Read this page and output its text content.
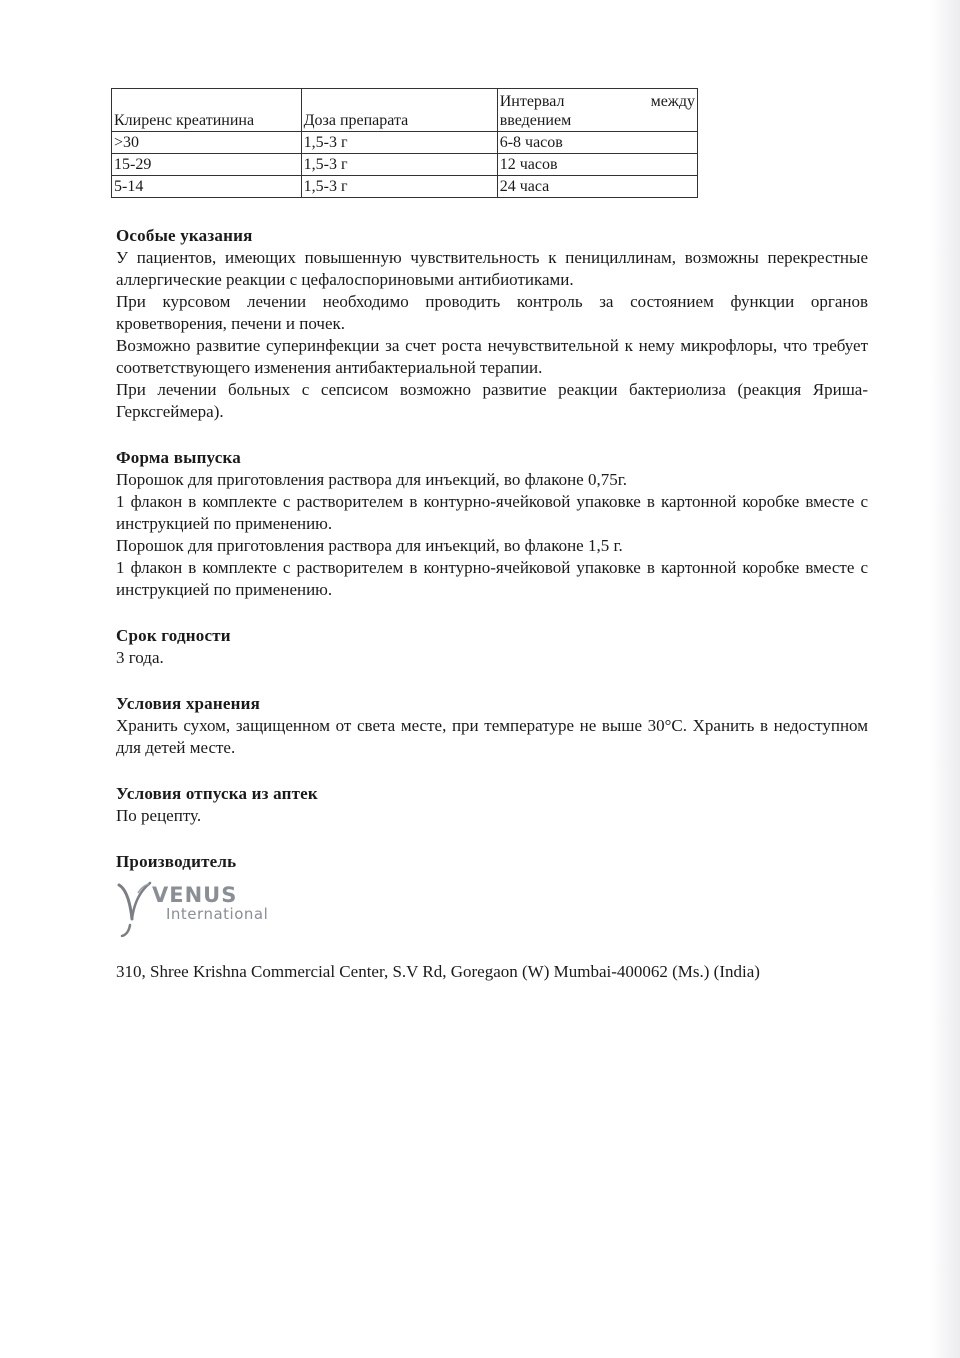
Клиренс креатинина	Доза препарата	Интервал между
введением

>30	1,5-3 г	6-8 часов
15-29	1,5-3 г	12 часов
5-14	1,5-3 г	24 часа
Особые указания
У пациентов, имеющих повышенную чувствительность к пенициллинам, возможны перекрестные аллергические реакции с цефалоспориновыми антибиотиками.
При курсовом лечении необходимо проводить контроль за состоянием функции органов кроветворения, печени и почек.
Возможно развитие суперинфекции за счет роста нечувствительной к нему микрофлоры, что требует соответствующего изменения антибактериальной терапии.
При лечении больных с сепсисом возможно развитие реакции бактериолиза (реакция Яриша-Герксгеймера).
Форма выпуска
Порошок для приготовления раствора для инъекций, во флаконе 0,75г.
1 флакон в комплекте с растворителем в контурно-ячейковой упаковке в картонной коробке вместе с инструкцией по применению.
Порошок для приготовления раствора для инъекций, во флаконе 1,5 г.
1 флакон в комплекте с растворителем в контурно-ячейковой упаковке в картонной коробке вместе с инструкцией по применению.
Срок годности
3 года.
Условия хранения
Хранить сухом, защищенном от света месте, при температуре не выше 30°С. Хранить в недоступном для детей месте.
Условия отпуска из аптек
По рецепту.
Производитель
VENUS
International
310, Shree Krishna Commercial Center, S.V Rd, Goregaon (W) Mumbai-400062 (Ms.) (India)
